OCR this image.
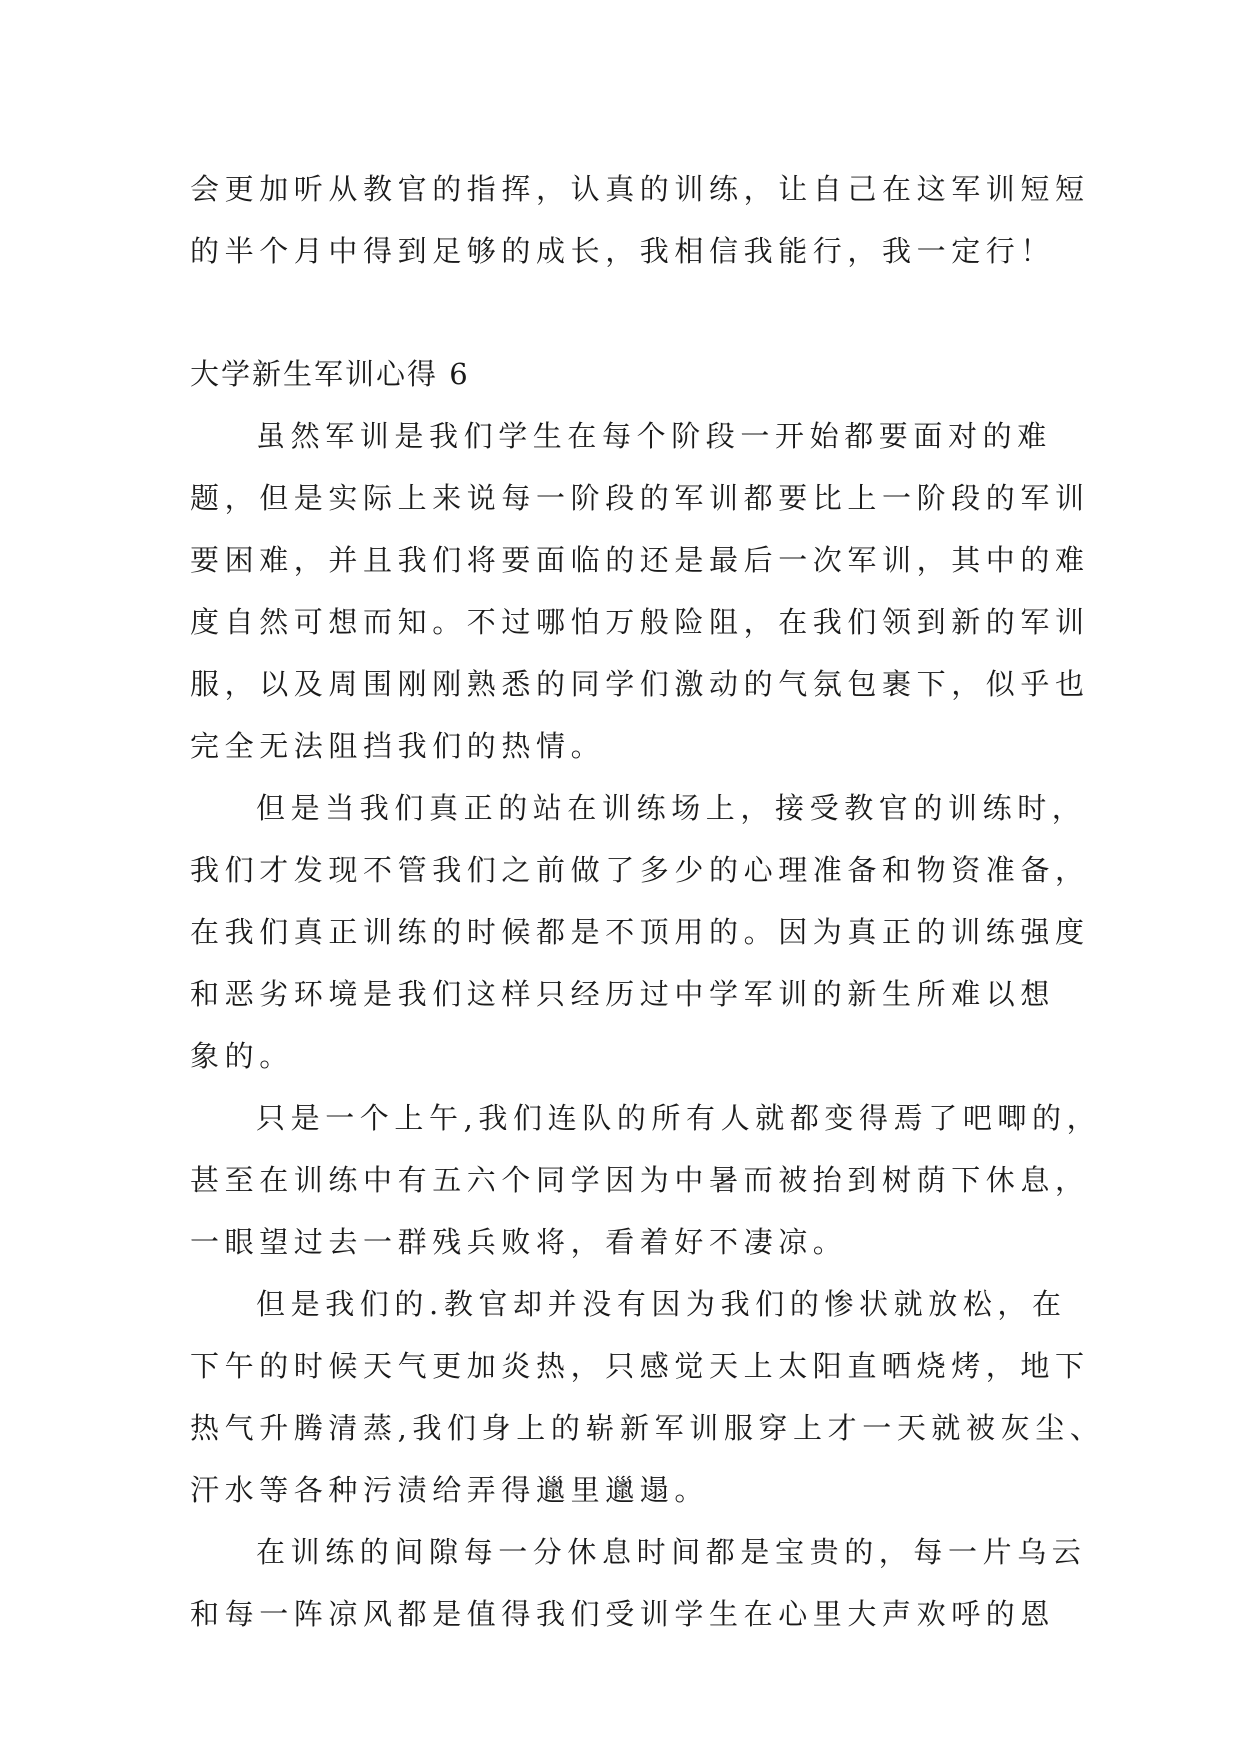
会更加听从教官的指挥，认真的训练，让自己在这军训短短
的半个月中得到足够的成长，我相信我能行，我一定行！
大学新生军训心得 6
虽然军训是我们学生在每个阶段一开始都要面对的难
题，但是实际上来说每一阶段的军训都要比上一阶段的军训
要困难，并且我们将要面临的还是最后一次军训，其中的难
度自然可想而知。不过哪怕万般险阻，在我们领到新的军训
服，以及周围刚刚熟悉的同学们激动的气氛包裹下，似乎也
完全无法阻挡我们的热情。
但是当我们真正的站在训练场上，接受教官的训练时，
我们才发现不管我们之前做了多少的心理准备和物资准备，
在我们真正训练的时候都是不顶用的。因为真正的训练强度
和恶劣环境是我们这样只经历过中学军训的新生所难以想
象的。
只是一个上午,我们连队的所有人就都变得焉了吧唧的，
甚至在训练中有五六个同学因为中暑而被抬到树荫下休息，
一眼望过去一群残兵败将，看着好不凄凉。
但是我们的.教官却并没有因为我们的惨状就放松，在
下午的时候天气更加炎热，只感觉天上太阳直晒烧烤，地下
热气升腾清蒸,我们身上的崭新军训服穿上才一天就被灰尘、
汗水等各种污渍给弄得邋里邋遢。
在训练的间隙每一分休息时间都是宝贵的，每一片乌云
和每一阵凉风都是值得我们受训学生在心里大声欢呼的恩
